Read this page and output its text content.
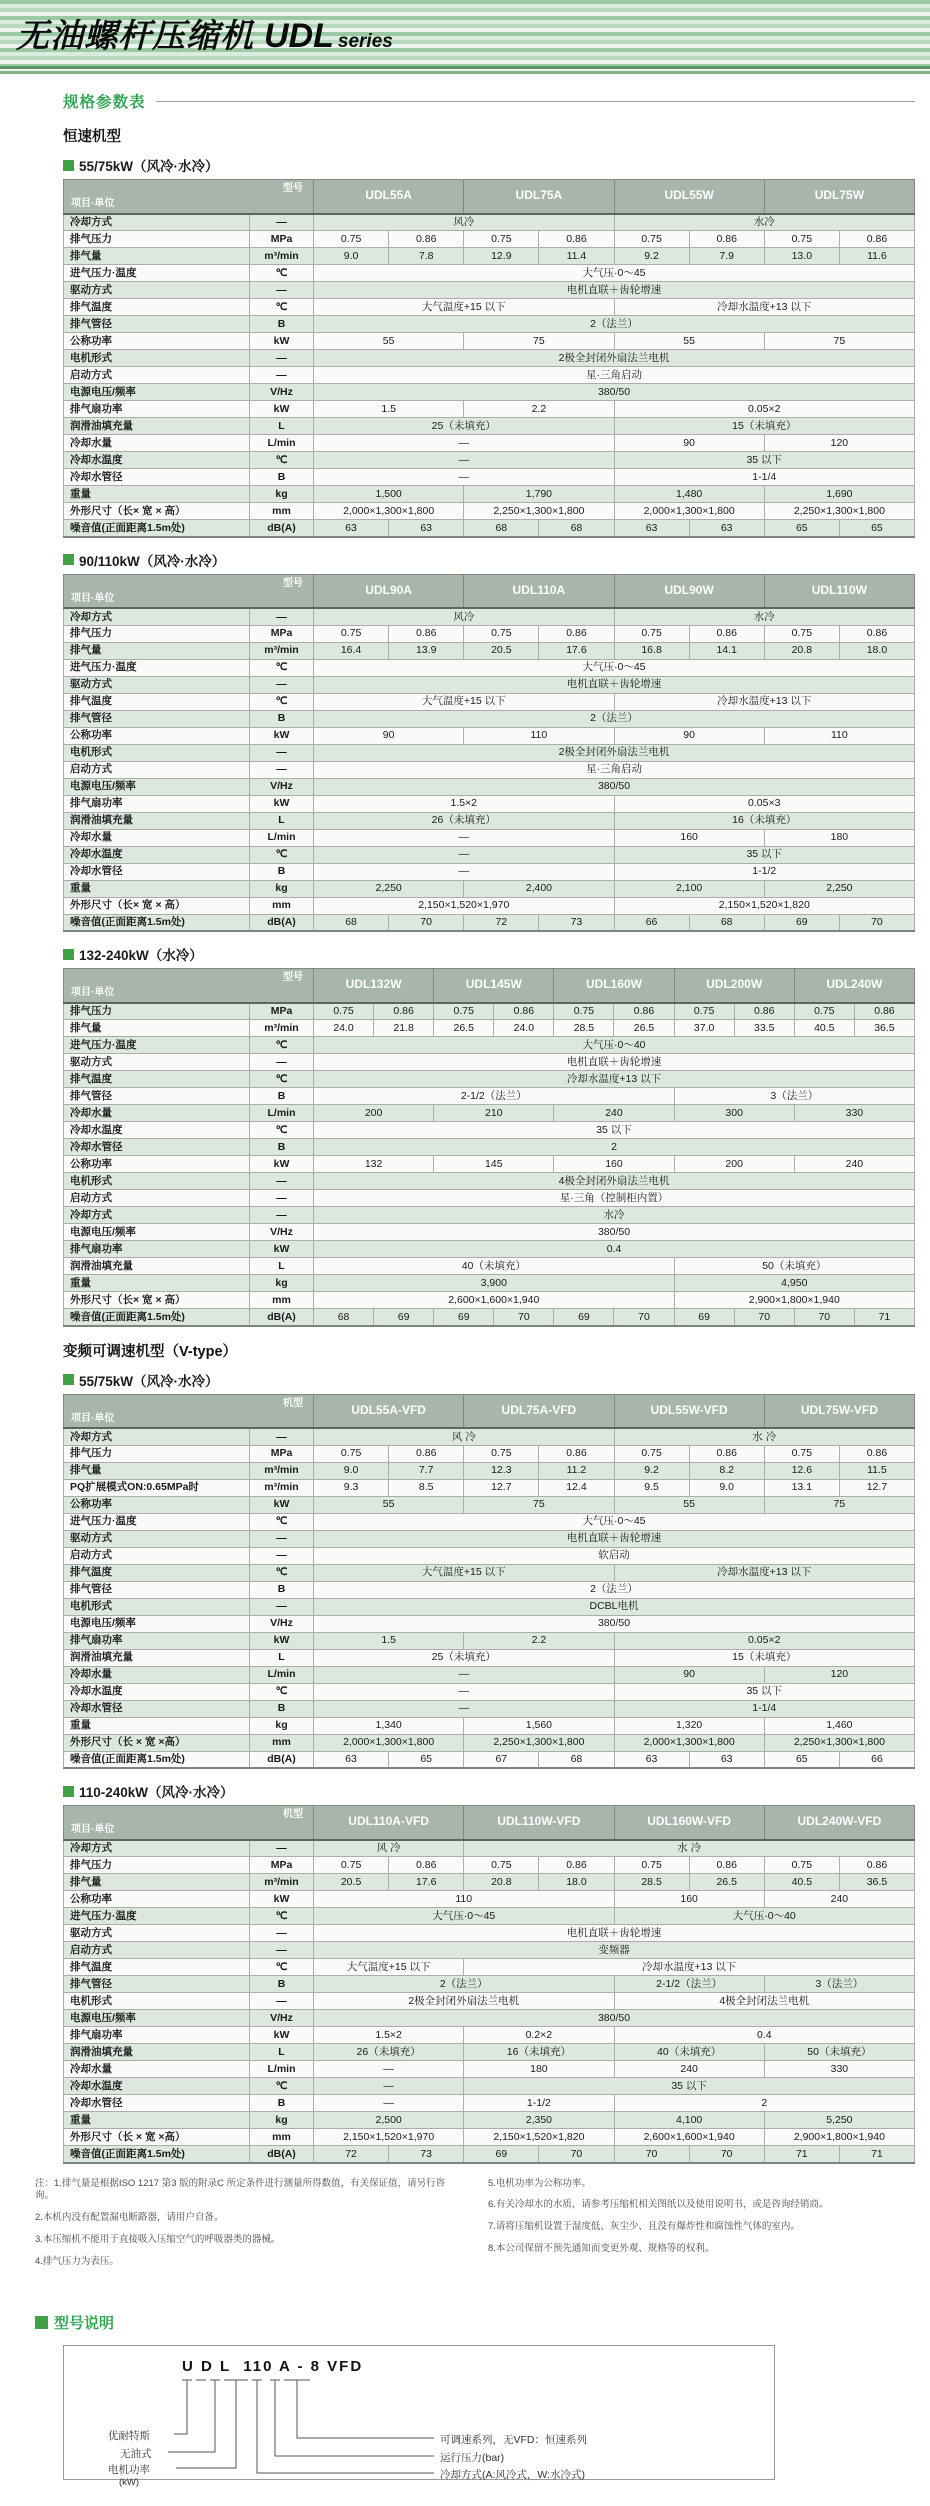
无油螺杆压缩机 UDL series
规格参数表
恒速机型
55/75kW（风冷·水冷）
型号
项目·单位		UDL55A		UDL75A		UDL55W		UDL75W	
冷却方式	—	风冷				水冷			
排气压力	MPa	0.75	0.86	0.75	0.86	0.75	0.86	0.75	0.86
排气量	m³/min	9.0	7.8	12.9	11.4	9.2	7.9	13.0	11.6
进气压力·温度	℃	大气压·0～45							
驱动方式	—	电机直联＋齿轮增速							
排气温度	℃	大气温度+15 以下				冷却水温度+13 以下			
排气管径	B	2（法兰）							
公称功率	kW	55		75		55		75	
电机形式	—	2极全封闭外扇法兰电机							
启动方式	—	星·三角启动							
电源电压/频率	V/Hz	380/50							
排气扇功率	kW	1.5		2.2		0.05×2			
润滑油填充量	L	25（未填充）				15（未填充）			
冷却水量	L/min	—				90		120	
冷却水温度	℃	—				35 以下			
冷却水管径	B	—				1-1/4			
重量	kg	1,500		1,790		1,480		1,690	
外形尺寸（长× 宽 × 高）	mm	2,000×1,300×1,800		2,250×1,300×1,800		2,000×1,300×1,800		2,250×1,300×1,800	
噪音值(正面距离1.5m处)	dB(A)	63	63	68	68	63	63	65	65
90/110kW（风冷·水冷）
型号
项目·单位		UDL90A		UDL110A		UDL90W		UDL110W	
冷却方式	—	风冷				水冷			
排气压力	MPa	0.75	0.86	0.75	0.86	0.75	0.86	0.75	0.86
排气量	m³/min	16.4	13.9	20.5	17.6	16.8	14.1	20.8	18.0
进气压力·温度	℃	大气压·0～45							
驱动方式	—	电机直联＋齿轮增速							
排气温度	℃	大气温度+15 以下				冷却水温度+13 以下			
排气管径	B	2（法兰）							
公称功率	kW	90		110		90		110	
电机形式	—	2极全封闭外扇法兰电机							
启动方式	—	星·三角启动							
电源电压/频率	V/Hz	380/50							
排气扇功率	kW	1.5×2				0.05×3			
润滑油填充量	L	26（未填充）				16（未填充）			
冷却水量	L/min	—				160		180	
冷却水温度	℃	—				35 以下			
冷却水管径	B	—				1-1/2			
重量	kg	2,250		2,400		2,100		2,250	
外形尺寸（长× 宽 × 高）	mm	2,150×1,520×1,970				2,150×1,520×1,820			
噪音值(正面距离1.5m处)	dB(A)	68	70	72	73	66	68	69	70
132-240kW（水冷）
型号
项目·单位		UDL132W		UDL145W		UDL160W		UDL200W		UDL240W	
排气压力	MPa	0.75	0.86	0.75	0.86	0.75	0.86	0.75	0.86	0.75	0.86
排气量	m³/min	24.0	21.8	26.5	24.0	28.5	26.5	37.0	33.5	40.5	36.5
进气压力·温度	℃	大气压·0～40									
驱动方式	—	电机直联＋齿轮增速									
排气温度	℃	冷却水温度+13 以下									
排气管径	B	2-1/2（法兰）						3（法兰）			
冷却水量	L/min	200		210		240		300		330	
冷却水温度	℃	35 以下									
冷却水管径	B	2									
公称功率	kW	132		145		160		200		240	
电机形式	—	4极全封闭外扇法兰电机									
启动方式	—	星·三角（控制柜内置）									
冷却方式	—	水冷									
电源电压/频率	V/Hz	380/50									
排气扇功率	kW	0.4									
润滑油填充量	L	40（未填充）						50（未填充）			
重量	kg	3,900						4,950			
外形尺寸（长× 宽 × 高）	mm	2,600×1,600×1,940						2,900×1,800×1,940			
噪音值(正面距离1.5m处)	dB(A)	68	69	69	70	69	70	69	70	70	71
变频可调速机型（V-type）
55/75kW（风冷·水冷）
机型
项目·单位		UDL55A-VFD		UDL75A-VFD		UDL55W-VFD		UDL75W-VFD	
冷却方式	—	风 冷				水 冷			
排气压力	MPa	0.75	0.86	0.75	0.86	0.75	0.86	0.75	0.86
排气量	m³/min	9.0	7.7	12.3	11.2	9.2	8.2	12.6	11.5
PQ扩展模式ON:0.65MPa时	m³/min	9.3	8.5	12.7	12.4	9.5	9.0	13.1	12.7
公称功率	kW	55		75		55		75	
进气压力·温度	℃	大气压·0～45							
驱动方式	—	电机直联＋齿轮增速							
启动方式	—	软启动							
排气温度	℃	大气温度+15 以下				冷却水温度+13 以下			
排气管径	B	2（法兰）							
电机形式	—	DCBL电机							
电源电压/频率	V/Hz	380/50							
排气扇功率	kW	1.5		2.2		0.05×2			
润滑油填充量	L	25（未填充）				15（未填充）			
冷却水量	L/min	—				90		120	
冷却水温度	℃	—				35 以下			
冷却水管径	B	—				1-1/4			
重量	kg	1,340		1,560		1,320		1,460	
外形尺寸（长 × 宽 ×高）	mm	2,000×1,300×1,800		2,250×1,300×1,800		2,000×1,300×1,800		2,250×1,300×1,800	
噪音值(正面距离1.5m处)	dB(A)	63	65	67	68	63	63	65	66
110-240kW（风冷·水冷）
机型
项目·单位		UDL110A-VFD		UDL110W-VFD		UDL160W-VFD		UDL240W-VFD	
冷却方式	—	风 冷		水 冷					
排气压力	MPa	0.75	0.86	0.75	0.86	0.75	0.86	0.75	0.86
排气量	m³/min	20.5	17.6	20.8	18.0	28.5	26.5	40.5	36.5
公称功率	kW	110				160		240	
进气压力·温度	℃	大气压·0～45				大气压·0～40			
驱动方式	—	电机直联＋齿轮增速							
启动方式	—	变频器							
排气温度	℃	大气温度+15 以下		冷却水温度+13 以下					
排气管径	B	2（法兰）				2-1/2（法兰）		3（法兰）	
电机形式	—	2极全封闭外扇法兰电机				4极全封闭法兰电机			
电源电压/频率	V/Hz	380/50							
排气扇功率	kW	1.5×2		0.2×2		0.4			
润滑油填充量	L	26（未填充）		16（未填充）		40（未填充）		50（未填充）	
冷却水量	L/min	—		180		240		330	
冷却水温度	℃	—		35 以下					
冷却水管径	B	—		1-1/2		2			
重量	kg	2,500		2,350		4,100		5,250	
外形尺寸（长 × 宽 ×高）	mm	2,150×1,520×1,970		2,150×1,520×1,820		2,600×1,600×1,940		2,900×1,800×1,940	
噪音值(正面距离1.5m处)	dB(A)	72	73	69	70	70	70	71	71
注：1.排气量是根据ISO 1217 第3 版的附录C 所定条件进行测量所得数值，有关保证值，请另行咨询。
2.本机内没有配置漏电断路器，请用户自备。
3.本压缩机不能用于直接吸入压缩空气的呼吸器类的器械。
4.排气压力为表压。
5.电机功率为公称功率。
6.有关冷却水的水质，请参考压缩机相关图纸以及使用说明书，或是咨询经销商。
7.请将压缩机设置于湿度低、灰尘少、且没有爆炸性和腐蚀性气体的室内。
8.本公司保留不预先通知而变更外观、规格等的权利。
型号说明
U D L  110 A - 8 VFD
优耐特斯
无油式
电机功率
(kW)
可调速系列，无VFD：恒速系列
运行压力(bar)
冷却方式(A:风冷式，W:水冷式)
